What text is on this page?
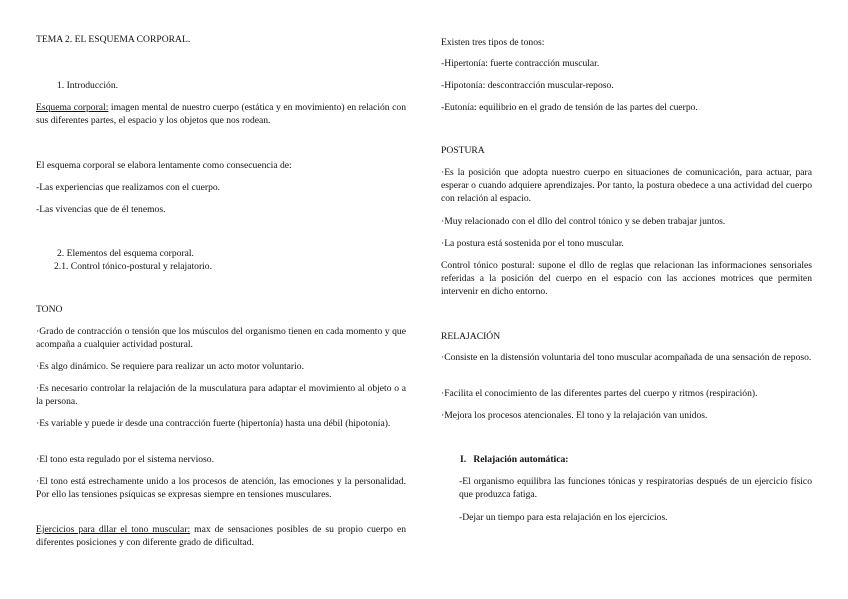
TEMA 2. EL ESQUEMA CORPORAL.

1. Introducción.

Esquema corporal: imagen mental de nuestro cuerpo (estática y en movimiento) en relación con sus diferentes partes, el espacio y los objetos que nos rodean.

El esquema corporal se elabora lentamente como consecuencia de:

-Las experiencias que realizamos con el cuerpo.

-Las vivencias que de él tenemos.

2. Elementos del esquema corporal.

2.1. Control tónico-postural y relajatorio.

TONO

·Grado de contracción o tensión que los músculos del organismo tienen en cada momento y que acompaña a cualquier actividad postural.

·Es algo dinámico. Se requiere para realizar un acto motor voluntario.

·Es necesario controlar la relajación de la musculatura para adaptar el movimiento al objeto o a la persona.

·Es variable y puede ir desde una contracción fuerte (hipertonía) hasta una débil (hipotonía).

·El tono esta regulado por el sistema nervioso.

·El tono está estrechamente unido a los procesos de atención, las emociones y la personalidad. Por ello las tensiones psíquicas se expresas siempre en tensiones musculares.

Ejercicios para dllar el tono muscular: max de sensaciones posibles de su propio cuerpo en diferentes posiciones y con diferente grado de dificultad.

Existen tres tipos de tonos:

-Hipertonía: fuerte contracción muscular.

-Hipotonía: descontracción muscular-reposo.

-Eutonía: equilibrio en el grado de tensión de las partes del cuerpo.

POSTURA

·Es la posición que adopta nuestro cuerpo en situaciones de comunicación, para actuar, para esperar o cuando adquiere aprendizajes. Por tanto, la postura obedece a una actividad del cuerpo con relación al espacio.

·Muy relacionado con el dllo del control tónico y se deben trabajar juntos.

·La postura está sostenida por el tono muscular.

Control tónico postural: supone el dllo de reglas que relacionan las informaciones sensoriales referidas a la posición del cuerpo en el espacio con las acciones motrices que permiten intervenir en dicho entorno.

RELAJACIÓN

·Consiste en la distensión voluntaria del tono muscular acompañada de una sensación de reposo.

·Facilita el conocimiento de las diferentes partes del cuerpo y ritmos (respiración).

·Mejora los procesos atencionales. El tono y la relajación van unidos.

I. Relajación automática:

-El organismo equilibra las funciones tónicas y respiratorias después de un ejercicio físico que produzca fatiga.

-Dejar un tiempo para esta relajación en los ejercicios.
